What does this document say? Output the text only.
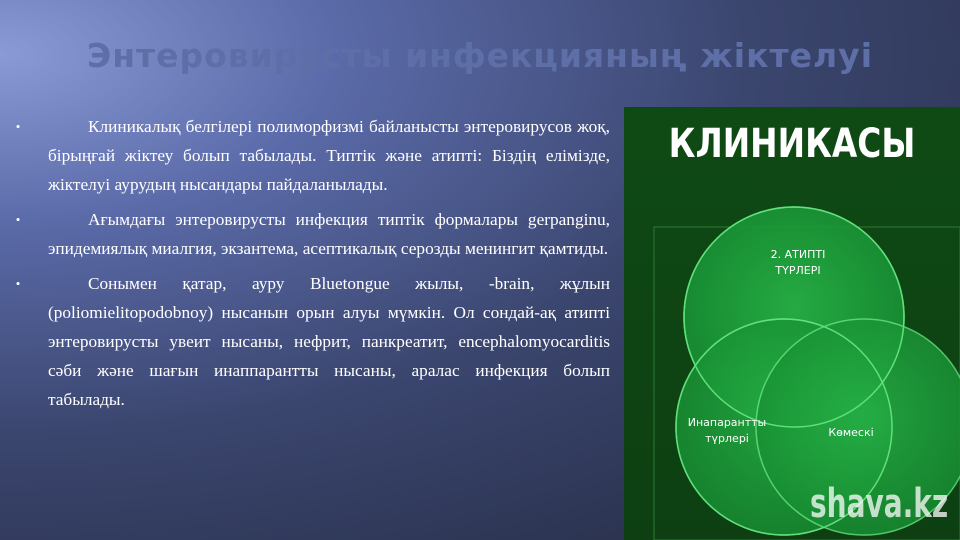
Энтеровирусты инфекцияның жіктелуі
•	Клиникалық белгілері полиморфизмі байланысты энтеровирусов жоқ, бірыңғай жіктеу болып табылады. Типтік және атипті: Біздің елімізде, жіктелуі аурудың нысандары пайдаланылады.
•	Ағымдағы энтеровирусты инфекция типтік формалары gerpanginu, эпидемиялық миалгия, экзантема, асептикалық серозды менингит қамтиды.
•	Сонымен қатар, ауру Bluetongue жылы, -brain, жұлын (poliomielitopodobnoy) нысанын орын алуы мүмкін. Ол сондай-ақ атипті энтеровирусты увеит нысаны, нефрит, панкреатит, encephalomyocarditis сәби және шағын инаппарантты нысаны, аралас инфекция болып табылады.
КЛИНИКАСЫ
2. АТИПТІ ТҮРЛЕРІ
Инапарантты түрлері	Көмескі
shava.kz
